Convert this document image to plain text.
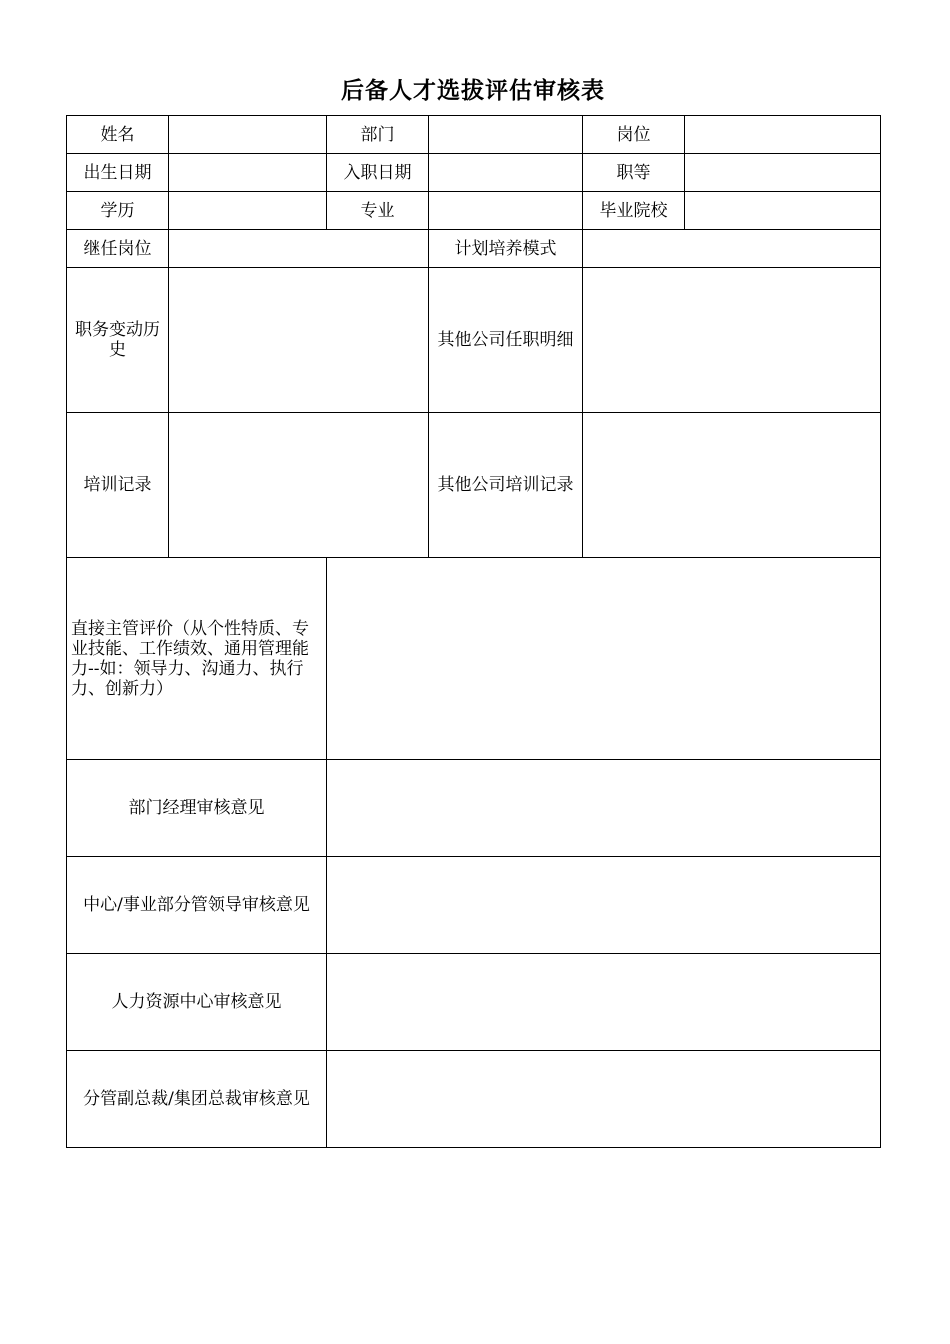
后备人才选拔评估审核表
姓名		部门		岗位	
出生日期		入职日期		职等	
学历		专业		毕业院校	
继任岗位			计划培养模式	
职务变动历史			其他公司任职明细	

培训记录			其他公司培训记录	

直接主管评价（从个性特质、专业技能、工作绩效、通用管理能力--如：领导力、沟通力、执行力、创新力）	

部门经理审核意见	

中心/事业部分管领导审核意见	

人力资源中心审核意见	

分管副总裁/集团总裁审核意见	
